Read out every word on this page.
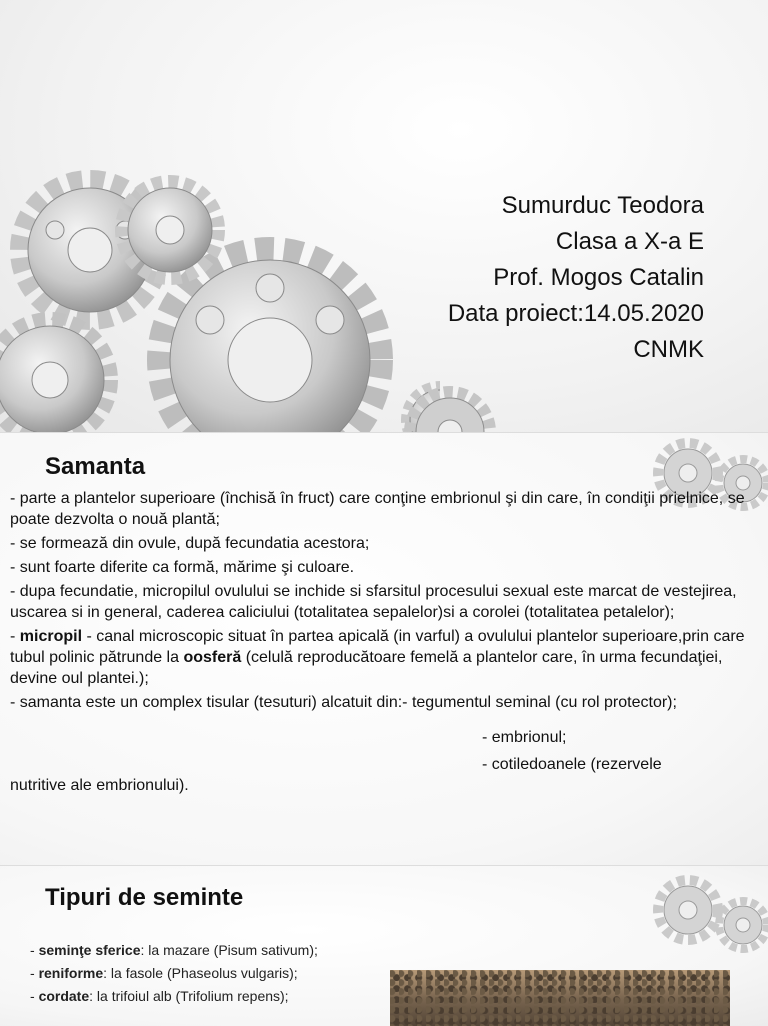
Sumurduc Teodora
Clasa a X-a E
Prof. Mogos Catalin
Data proiect:14.05.2020
CNMK
Samanta

- parte a plantelor superioare (închisă în fruct) care conţine embrionul şi din care, în condiţii prielnice, se poate dezvolta o nouă plantă;

- se formează din ovule, după fecundatia acestora;

- sunt foarte diferite ca formă, mărime şi culoare.

- dupa fecundatie, micropilul ovulului se inchide si sfarsitul procesului sexual este marcat de vestejirea, uscarea si in general, caderea caliciului (totalitatea sepalelor)si a corolei (totalitatea petalelor);

- micropil - canal microscopic situat în partea apicală (in varful) a ovulului plantelor superioare,prin care tubul polinic pătrunde la oosferă (celulă reproducătoare femelă a plantelor care, în urma fecundaţiei, devine oul plantei.);

- samanta este un complex tisular (tesuturi) alcatuit din:- tegumentul seminal (cu rol protector);

- embrionul;

- cotiledoanele (rezervele

nutritive ale embrionului).

Tipuri de seminte

- seminţe sferice: la mazare (Pisum sativum);

- reniforme: la fasole (Phaseolus vulgaris);

- cordate: la trifoiul alb (Trifolium repens);
